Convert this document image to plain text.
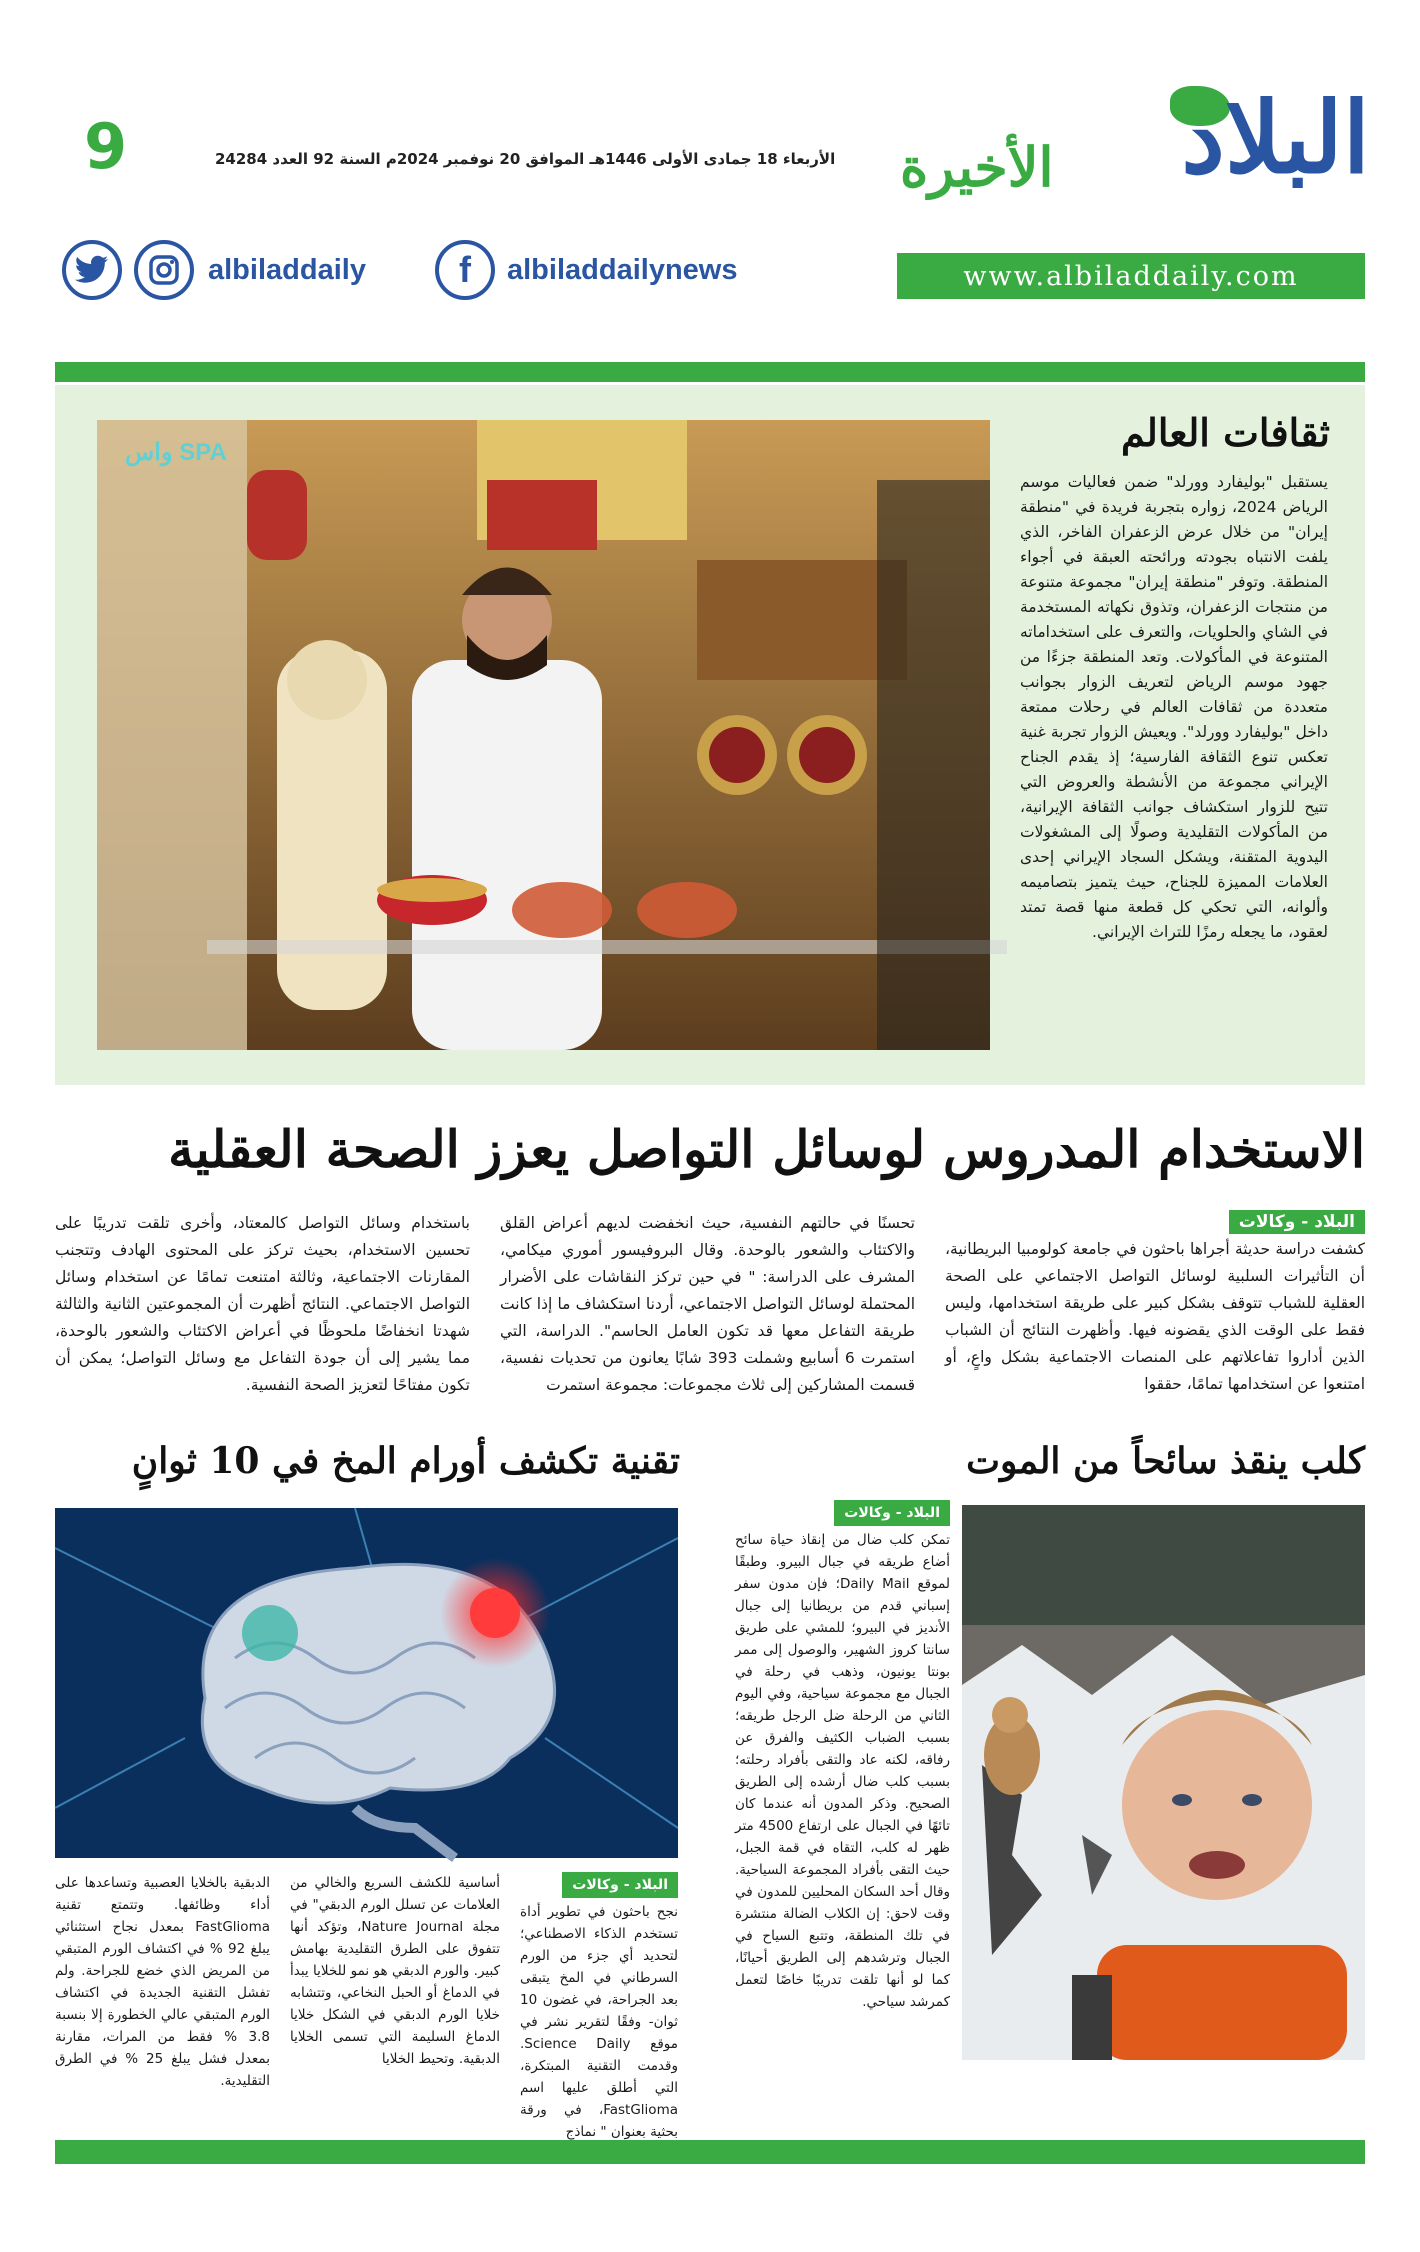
البلاد
الأخيرة
9	الأربعاء 18 جمادى الأولى 1446هـ الموافق 20 نوفمبر 2024م السنة 92 العدد 24284
www.albiladdaily.com
f	albiladdailynews
albiladdaily
واس SPA	ثقافات العالم
يستقبل "بوليفارد وورلد" ضمن فعاليات موسم الرياض 2024، زواره بتجربة فريدة في "منطقة إيران" من خلال عرض الزعفران الفاخر، الذي يلفت الانتباه بجودته ورائحته العبقة في أجواء المنطقة. وتوفر "منطقة إيران" مجموعة متنوعة من منتجات الزعفران، وتذوق نكهاته المستخدمة في الشاي والحلويات، والتعرف على استخداماته المتنوعة في المأكولات. وتعد المنطقة جزءًا من جهود موسم الرياض لتعريف الزوار بجوانب متعددة من ثقافات العالم في رحلات ممتعة داخل "بوليفارد وورلد". ويعيش الزوار تجربة غنية تعكس تنوع الثقافة الفارسية؛ إذ يقدم الجناح الإيراني مجموعة من الأنشطة والعروض التي تتيح للزوار استكشاف جوانب الثقافة الإيرانية، من المأكولات التقليدية وصولًا إلى المشغولات اليدوية المتقنة، ويشكل السجاد الإيراني إحدى العلامات المميزة للجناح، حيث يتميز بتصاميمه وألوانه، التي تحكي كل قطعة منها قصة تمتد لعقود، ما يجعله رمزًا للتراث الإيراني.
الاستخدام المدروس لوسائل التواصل يعزز الصحة العقلية
البلاد - وكالات
كشفت دراسة حديثة أجراها باحثون في جامعة كولومبيا البريطانية، أن التأثيرات السلبية لوسائل التواصل الاجتماعي على الصحة العقلية للشباب تتوقف بشكل كبير على طريقة استخدامها، وليس فقط على الوقت الذي يقضونه فيها. وأظهرت النتائج أن الشباب الذين أداروا تفاعلاتهم على المنصات الاجتماعية بشكل واعٍ، أو امتنعوا عن استخدامها تمامًا، حققوا
تحسنًا في حالتهم النفسية، حيث انخفضت لديهم أعراض القلق والاكتئاب والشعور بالوحدة. وقال البروفيسور أموري ميكامي، المشرف على الدراسة: " في حين تركز النقاشات على الأضرار المحتملة لوسائل التواصل الاجتماعي، أردنا استكشاف ما إذا كانت طريقة التفاعل معها قد تكون العامل الحاسم". الدراسة، التي استمرت 6 أسابيع وشملت 393 شابًا يعانون من تحديات نفسية، قسمت المشاركين إلى ثلاث مجموعات: مجموعة استمرت
باستخدام وسائل التواصل كالمعتاد، وأخرى تلقت تدريبًا على تحسين الاستخدام، بحيث تركز على المحتوى الهادف وتتجنب المقارنات الاجتماعية، وثالثة امتنعت تمامًا عن استخدام وسائل التواصل الاجتماعي. النتائج أظهرت أن المجموعتين الثانية والثالثة شهدتا انخفاضًا ملحوظًا في أعراض الاكتئاب والشعور بالوحدة، مما يشير إلى أن جودة التفاعل مع وسائل التواصل؛ يمكن أن تكون مفتاحًا لتعزيز الصحة النفسية.
كلب ينقذ سائحاً من الموت
البلاد - وكالات
تمكن كلب ضال من إنقاذ حياة سائح أضاع طريقه في جبال البيرو. وطبقًا لموقع Daily Mail؛ فإن مدون سفر إسباني قدم من بريطانيا إلى جبال الأنديز في البيرو؛ للمشي على طريق سانتا كروز الشهير، والوصول إلى ممر بونتا يونيون، وذهب في رحلة في الجبال مع مجموعة سياحية، وفي اليوم الثاني من الرحلة ضل الرجل طريقه؛ بسبب الضباب الكثيف والفرق عن رفاقه، لكنه عاد والتقى بأفراد رحلته؛ بسبب كلب ضال أرشده إلى الطريق الصحيح. وذكر المدون أنه عندما كان تائهًا في الجبال على ارتفاع 4500 متر ظهر له كلب، التقاه في قمة الجبل، حيث التقى بأفراد المجموعة السياحية. وقال أحد السكان المحليين للمدون في وقت لاحق: إن الكلاب الضالة منتشرة في تلك المنطقة، وتتبع السياح في الجبال وترشدهم إلى الطريق أحيانًا، كما لو أنها تلقت تدريبًا خاصًا لتعمل كمرشد سياحي.
تقنية تكشف أورام المخ في 10 ثوانٍ
البلاد - وكالات
نجح باحثون في تطوير أداة تستخدم الذكاء الاصطناعي؛ لتحديد أي جزء من الورم السرطاني في المخ يتبقى بعد الجراحة، في غضون 10 ثوان- وفقًا لتقرير نشر في موقع Science Daily. وقدمت التقنية المبتكرة، التي أطلق عليها اسم FastGlioma، في ورقة بحثية بعنوان " نماذج
أساسية للكشف السريع والخالي من العلامات عن تسلل الورم الدبقي" في مجلة Nature Journal، وتؤكد أنها تتفوق على الطرق التقليدية بهامش كبير. والورم الدبقي هو نمو للخلايا يبدأ في الدماغ أو الحبل النخاعي، وتتشابه خلايا الورم الدبقي في الشكل خلايا الدماغ السليمة التي تسمى الخلايا الدبقية. وتحيط الخلايا
الدبقية بالخلايا العصبية وتساعدها على أداء وظائفها. وتتمتع تقنية FastGlioma بمعدل نجاح استثنائي يبلغ 92 % في اكتشاف الورم المتبقي من المريض الذي خضع للجراحة. ولم تفشل التقنية الجديدة في اكتشاف الورم المتبقي عالي الخطورة إلا بنسبة 3.8 % فقط من المرات، مقارنة بمعدل فشل يبلغ 25 % في الطرق التقليدية.
